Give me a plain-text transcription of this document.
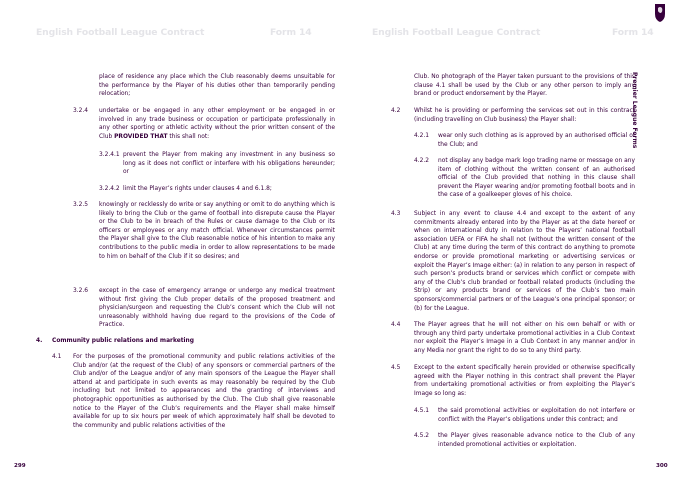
English Football League Contract	Form 14	English Football League Contract	Form 14
Premier League Forms
place of residence any place which the Club reasonably deems unsuitable for the performance by the Player of his duties other than temporarily pending relocation;
3.2.4 undertake or be engaged in any other employment or be engaged in or involved in any trade business or occupation or participate professionally in any other sporting or athletic activity without the prior written consent of the Club PROVIDED THAT this shall not:
3.2.4.1 prevent the Player from making any investment in any business so long as it does not conflict or interfere with his obligations hereunder; or
3.2.4.2 limit the Player’s rights under clauses 4 and 6.1.8;
3.2.5 knowingly or recklessly do write or say anything or omit to do anything which is likely to bring the Club or the game of football into disrepute cause the Player or the Club to be in breach of the Rules or cause damage to the Club or its officers or employees or any match official. Whenever circumstances permit the Player shall give to the Club reasonable notice of his intention to make any contributions to the public media in order to allow representations to be made to him on behalf of the Club if it so desires; and
3.2.6 except in the case of emergency arrange or undergo any medical treatment without first giving the Club proper details of the proposed treatment and physician/surgeon and requesting the Club’s consent which the Club will not unreasonably withhold having due regard to the provisions of the Code of Practice.
4. Community public relations and marketing
4.1 For the purposes of the promotional community and public relations activities of the Club and/or (at the request of the Club) of any sponsors or commercial partners of the Club and/or of the League and/or of any main sponsors of the League the Player shall attend at and participate in such events as may reasonably be required by the Club including but not limited to appearances and the granting of interviews and photographic opportunities as authorised by the Club. The Club shall give reasonable notice to the Player of the Club’s requirements and the Player shall make himself available for up to six hours per week of which approximately half shall be devoted to the community and public relations activities of the
Club. No photograph of the Player taken pursuant to the provisions of this clause 4.1 shall be used by the Club or any other person to imply any brand or product endorsement by the Player.
4.2 Whilst he is providing or performing the services set out in this contract (including travelling on Club business) the Player shall:
4.2.1 wear only such clothing as is approved by an authorised official of the Club; and
4.2.2 not display any badge mark logo trading name or message on any item of clothing without the written consent of an authorised official of the Club provided that nothing in this clause shall prevent the Player wearing and/or promoting football boots and in the case of a goalkeeper gloves of his choice.
4.3 Subject in any event to clause 4.4 and except to the extent of any commitments already entered into by the Player as at the date hereof or when on international duty in relation to the Players’ national football association UEFA or FIFA he shall not (without the written consent of the Club) at any time during the term of this contract do anything to promote endorse or provide promotional marketing or advertising services or exploit the Player’s Image either: (a) in relation to any person in respect of such person’s products brand or services which conflict or compete with any of the Club’s club branded or football related products (including the Strip) or any products brand or services of the Club’s two main sponsors/commercial partners or of the League’s one principal sponsor; or (b) for the League.
4.4 The Player agrees that he will not either on his own behalf or with or through any third party undertake promotional activities in a Club Context nor exploit the Player’s Image in a Club Context in any manner and/or in any Media nor grant the right to do so to any third party.
4.5 Except to the extent specifically herein provided or otherwise specifically agreed with the Player nothing in this contract shall prevent the Player from undertaking promotional activities or from exploiting the Player’s Image so long as:
4.5.1 the said promotional activities or exploitation do not interfere or conflict with the Player’s obligations under this contract; and
4.5.2 the Player gives reasonable advance notice to the Club of any intended promotional activities or exploitation.
299	300
